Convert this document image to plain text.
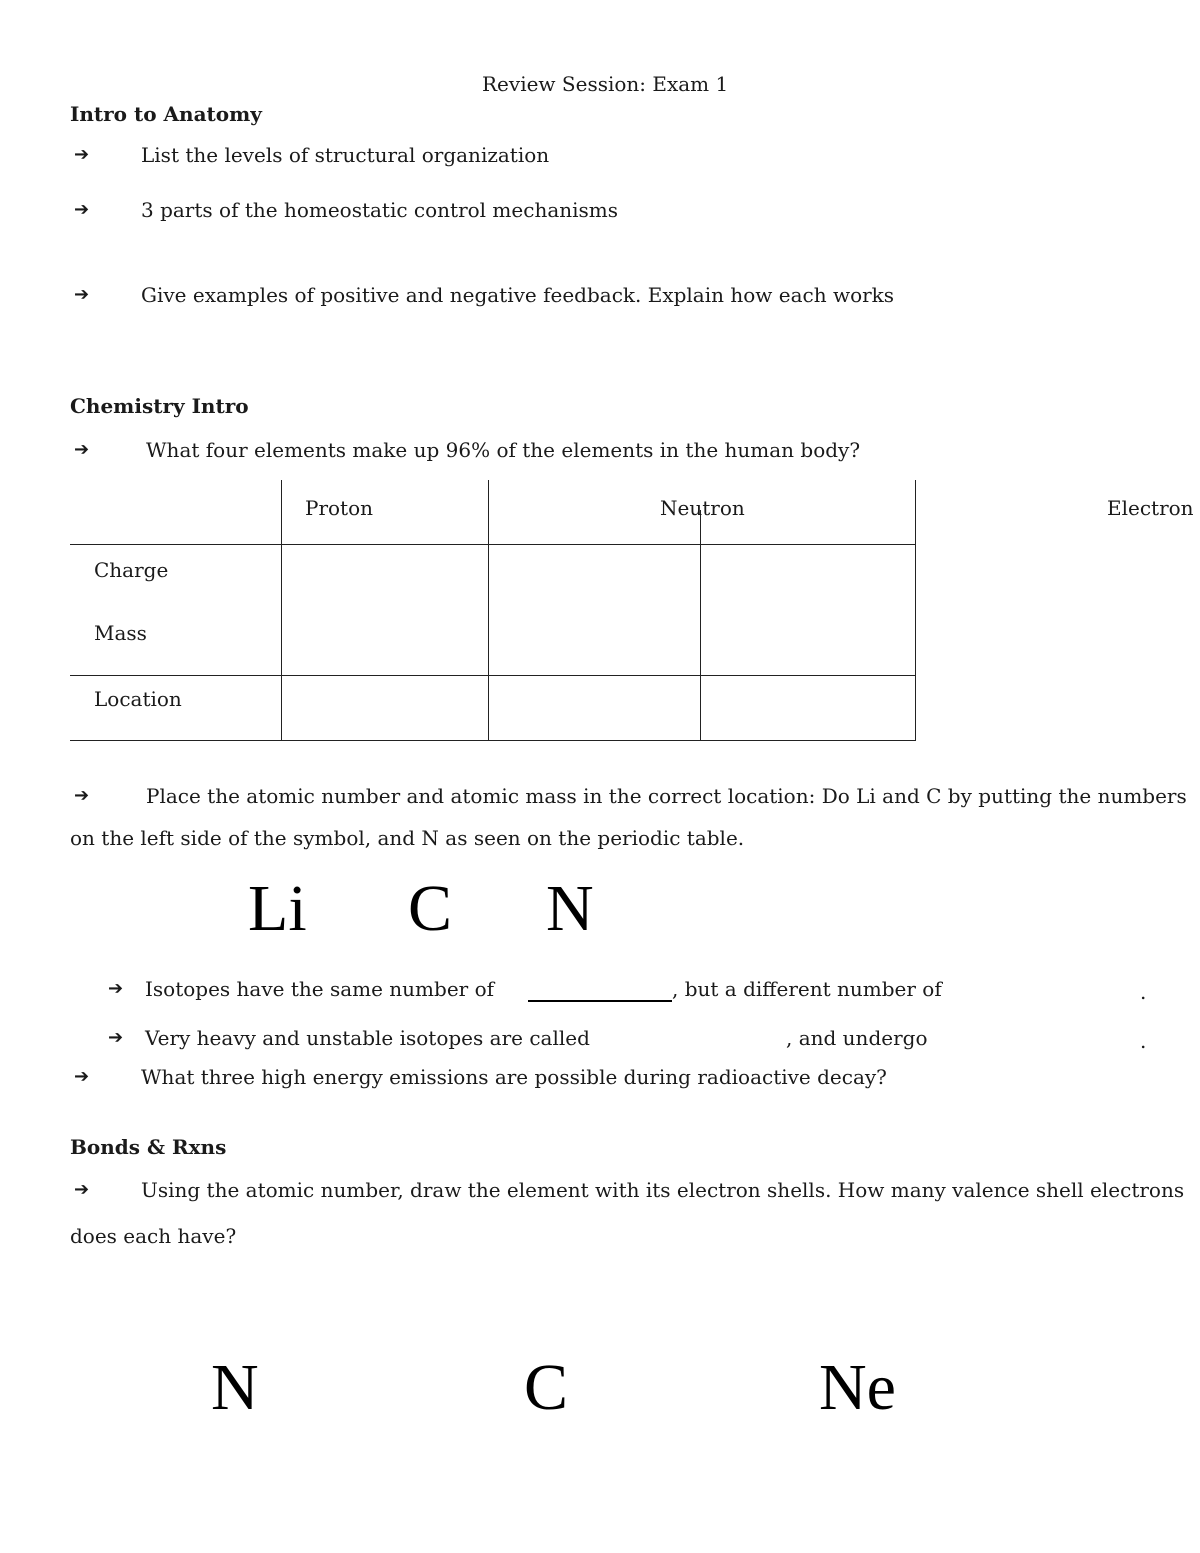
Review Session: Exam 1
Intro to Anatomy
➔	List the levels of structural organization
➔	3 parts of the homeostatic control mechanisms
➔	Give examples of positive and negative feedback. Explain how each works
Chemistry Intro
➔	What four elements make up 96% of the elements in the human body?
Proton	Neutron	Electron
Charge
Mass
Location
➔	Place the atomic number and atomic mass in the correct location: Do Li and C by putting the numbers
on the left side of the symbol, and N as seen on the periodic table.
Li C N
➔ Isotopes have the same number of	, but a different number of	.
➔ Very heavy and unstable isotopes are called	, and undergo	.
➔	What three high energy emissions are possible during radioactive decay?
Bonds & Rxns
➔	Using the atomic number, draw the element with its electron shells. How many valence shell electrons
does each have?
N	C	Ne
